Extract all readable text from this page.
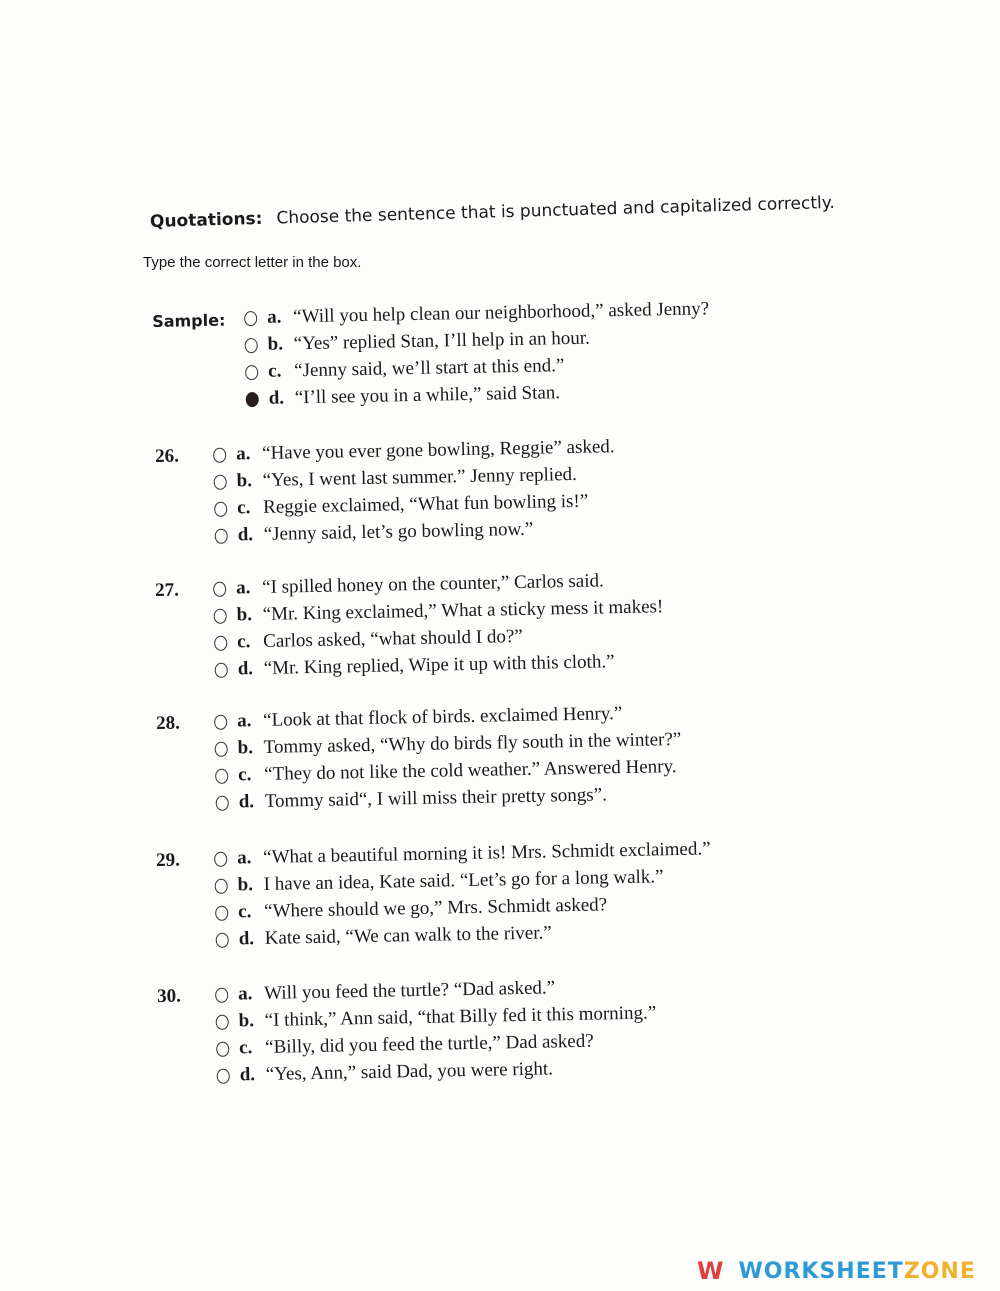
Quotations: Choose the sentence that is punctuated and capitalized correctly.
Type the correct letter in the box.
Sample: a. “Will you help clean our neighborhood,” asked Jenny?
b. “Yes” replied Stan, I’ll help in an hour.
c. “Jenny said, we’ll start at this end.”
d. “I’ll see you in a while,” said Stan.
26.	a. “Have you ever gone bowling, Reggie” asked.
b. “Yes, I went last summer.” Jenny replied.
c. Reggie exclaimed, “What fun bowling is!”
d. “Jenny said, let’s go bowling now.”
27.	a. “I spilled honey on the counter,” Carlos said.
b. “Mr. King exclaimed,” What a sticky mess it makes!
c. Carlos asked, “what should I do?”
d. “Mr. King replied, Wipe it up with this cloth.”
28.	a. “Look at that flock of birds. exclaimed Henry.”
b. Tommy asked, “Why do birds fly south in the winter?”
c. “They do not like the cold weather.” Answered Henry.
d. Tommy said“, I will miss their pretty songs”.
29.	a. “What a beautiful morning it is! Mrs. Schmidt exclaimed.”
b. I have an idea, Kate said. “Let’s go for a long walk.”
c. “Where should we go,” Mrs. Schmidt asked?
d. Kate said, “We can walk to the river.”
30.	a. Will you feed the turtle? “Dad asked.”
b. “I think,” Ann said, “that Billy fed it this morning.”
c. “Billy, did you feed the turtle,” Dad asked?
d. “Yes, Ann,” said Dad, you were right.
W WORKSHEET ZONE
